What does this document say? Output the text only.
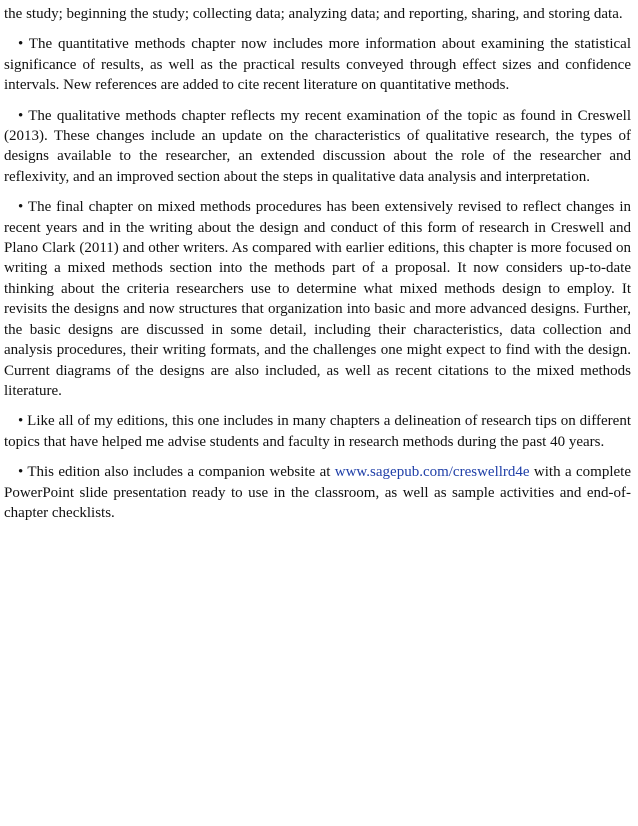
the study; beginning the study; collecting data; analyzing data; and reporting, sharing, and storing data.

• The quantitative methods chapter now includes more information about examining the statistical significance of results, as well as the practical results conveyed through effect sizes and confidence intervals. New references are added to cite recent literature on quantitative methods.

• The qualitative methods chapter reflects my recent examination of the topic as found in Creswell (2013). These changes include an update on the characteristics of qualitative research, the types of designs available to the researcher, an extended discussion about the role of the researcher and reflexivity, and an improved section about the steps in qualitative data analysis and interpretation.

• The final chapter on mixed methods procedures has been extensively revised to reflect changes in recent years and in the writing about the design and conduct of this form of research in Creswell and Plano Clark (2011) and other writers. As compared with earlier editions, this chapter is more focused on writing a mixed methods section into the methods part of a proposal. It now considers up-to-date thinking about the criteria researchers use to determine what mixed methods design to employ. It revisits the designs and now structures that organization into basic and more advanced designs. Further, the basic designs are discussed in some detail, including their characteristics, data collection and analysis procedures, their writing formats, and the challenges one might expect to find with the design. Current diagrams of the designs are also included, as well as recent citations to the mixed methods literature.

• Like all of my editions, this one includes in many chapters a delineation of research tips on different topics that have helped me advise students and faculty in research methods during the past 40 years.

• This edition also includes a companion website at www.sagepub.com/creswellrd4e with a complete PowerPoint slide presentation ready to use in the classroom, as well as sample activities and end-of-chapter checklists.
